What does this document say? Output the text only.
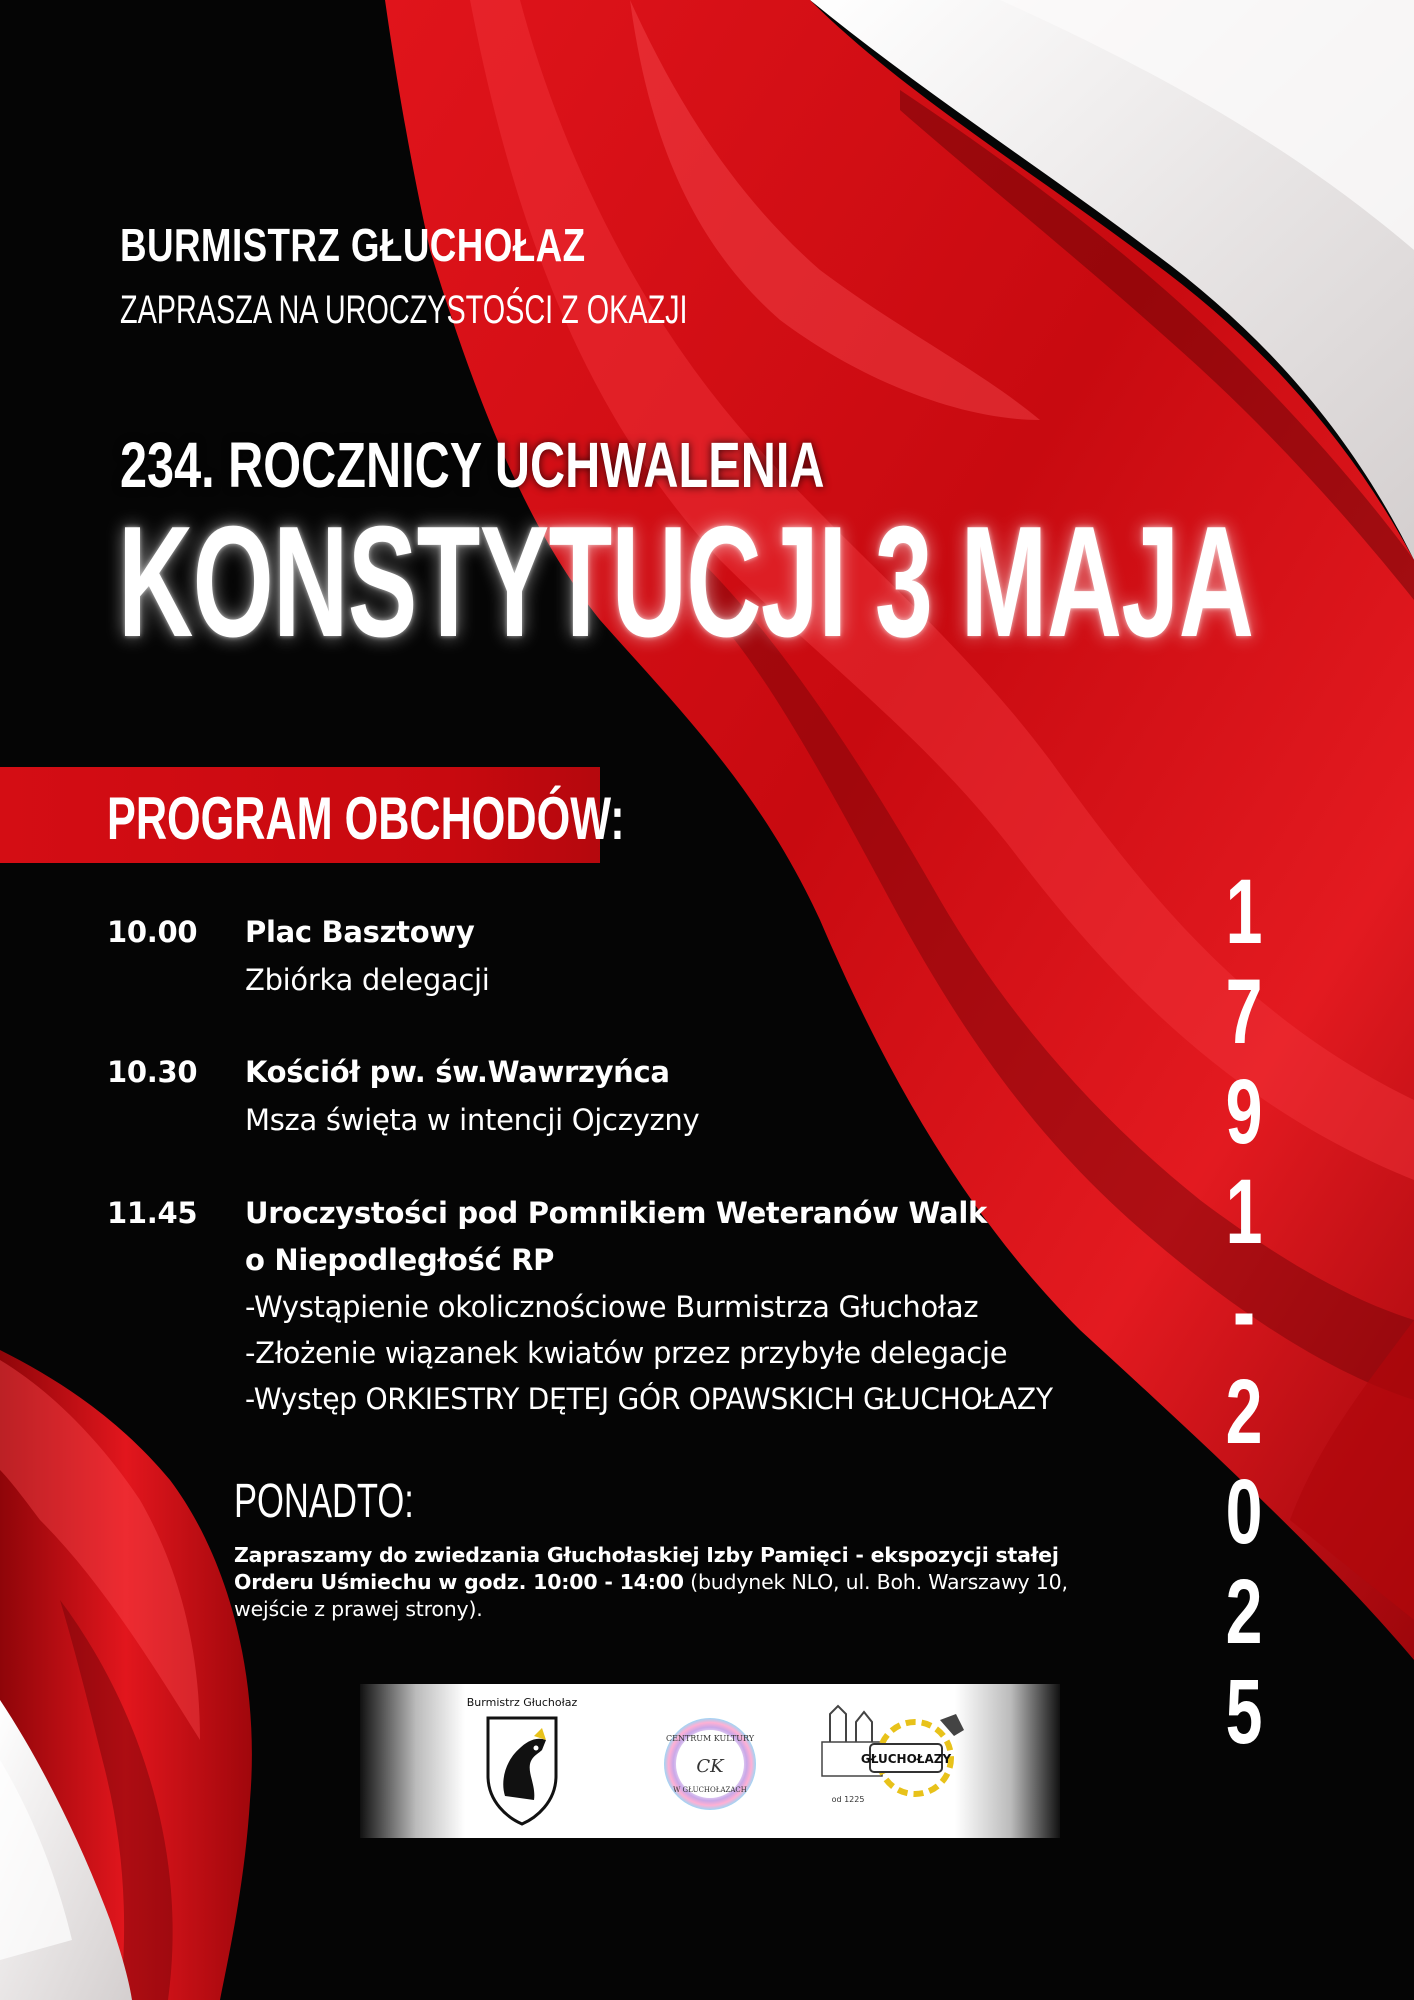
BURMISTRZ GŁUCHOŁAZ
ZAPRASZA NA UROCZYSTOŚCI Z OKAZJI
234. ROCZNICY UCHWALENIA
KONSTYTUCJI 3 MAJA
PROGRAM OBCHODÓW:
10.00 Plac Basztowy
Zbiórka delegacji
10.30 Kościół pw. św.Wawrzyńca
Msza święta w intencji Ojczyzny
11.45 Uroczystości pod Pomnikiem Weteranów Walk
o Niepodległość RP
-Wystąpienie okolicznościowe Burmistrza Głuchołaz
-Złożenie wiązanek kwiatów przez przybyłe delegacje
-Występ ORKIESTRY DĘTEJ GÓR OPAWSKICH GŁUCHOŁAZY
PONADTO:
Zapraszamy do zwiedzania Głuchołaskiej Izby Pamięci - ekspozycji stałej Orderu Uśmiechu w godz. 10:00 - 14:00 (budynek NLO, ul. Boh. Warszawy 10, wejście z prawej strony).
1
7
9
1
-
2
0
2
5
Burmistrz Głuchołaz
CENTRUM KULTURY
CK
W GŁUCHOŁAZACH
GŁUCHOŁAZY
od 1225
